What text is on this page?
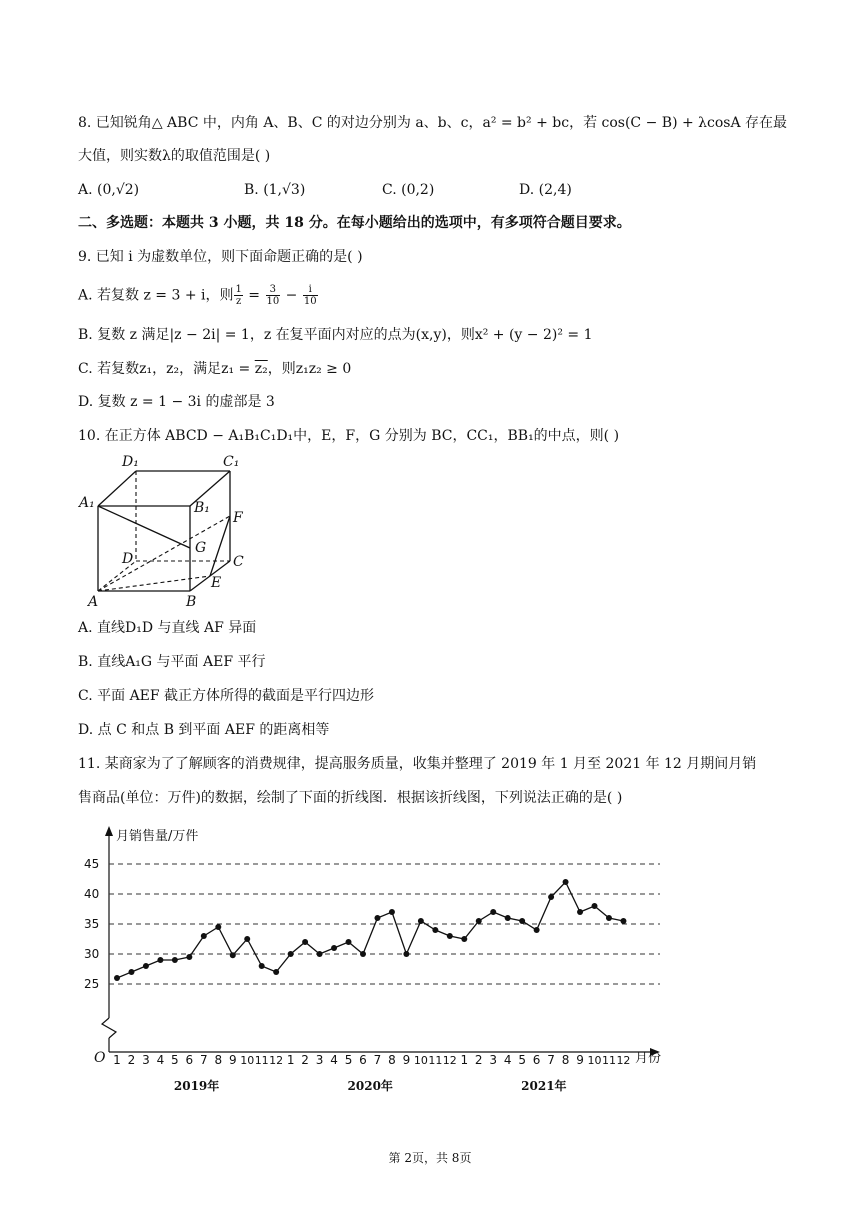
8. 已知锐角△ ABC 中，内角 A、B、C 的对边分别为 a、b、c，a² = b² + bc，若 cos(C − B) + λcosA 存在最
大值，则实数λ的取值范围是( )
A. (0,√2)	B. (1,√3)	C. (0,2)	D. (2,4)
二、多选题：本题共 3 小题，共 18 分。在每小题给出的选项中，有多项符合题目要求。
9. 已知 i 为虚数单位，则下面命题正确的是( )
A. 若复数 z = 3 + i，则 $\frac{1}{z} = \frac{3}{10} - \frac{i}{10}$
B. 复数 z 满足|z − 2i| = 1，z 在复平面内对应的点为(x,y)，则x² + (y − 2)² = 1
C. 若复数z₁，z₂，满足z₁ = z₂，则z₁z₂ ≥ 0
D. 复数 z = 1 − 3i 的虚部是 3
10. 在正方体 ABCD − A₁B₁C₁D₁中，E，F，G 分别为 BC，CC₁，BB₁的中点，则( )
D₁	C₁
A₁	B₁
F
G
D	C
E
A	B
A. 直线D₁D 与直线 AF 异面
B. 直线A₁G 与平面 AEF 平行
C. 平面 AEF 截正方体所得的截面是平行四边形
D. 点 C 和点 B 到平面 AEF 的距离相等
11. 某商家为了了解顾客的消费规律，提高服务质量，收集并整理了 2019 年 1 月至 2021 年 12 月期间月销
售商品(单位：万件)的数据，绘制了下面的折线图．根据该折线图，下列说法正确的是( )
25
30
35
40
45
1 2 3 4 5 6 7 8 9 10 11 12 1 2 3 4 5 6 7 8 9 10 11 12 1 2 3 4 5 6 7 8 9 10 11 12
2019年	2020年	2021年
月销售量/万件
月份
O
第 2页，共 8页
